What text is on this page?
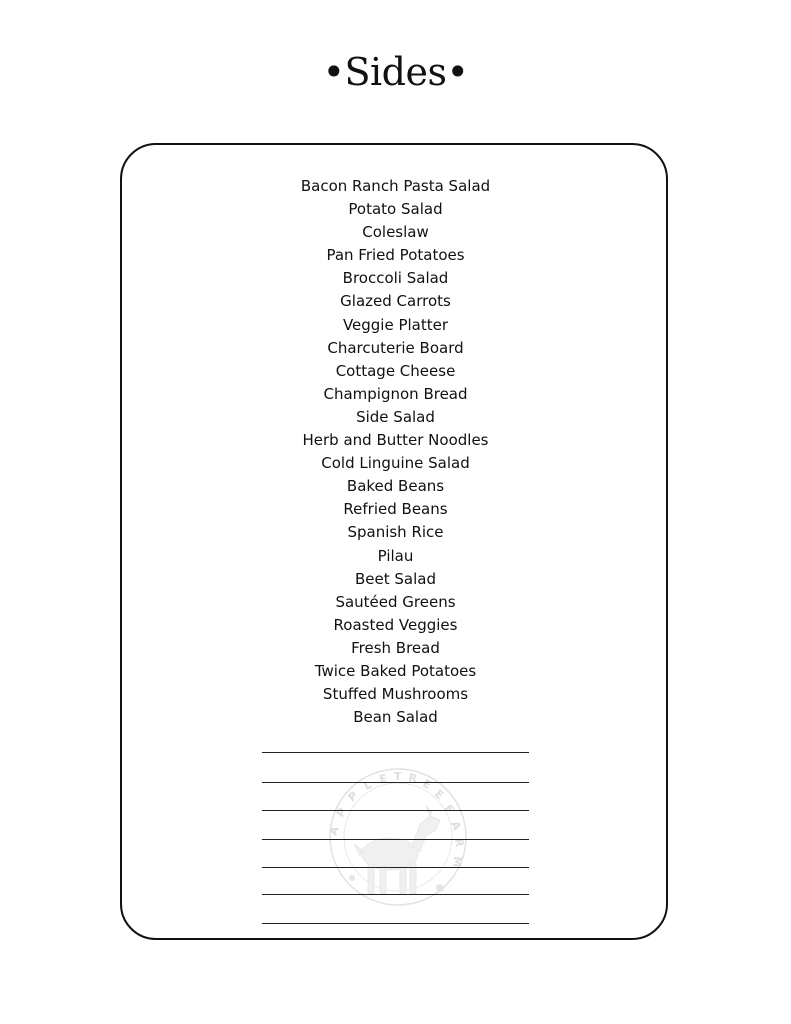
•Sides•
Bacon Ranch Pasta Salad
Potato Salad
Coleslaw
Pan Fried Potatoes
Broccoli Salad
Glazed Carrots
Veggie Platter
Charcuterie Board
Cottage Cheese
Champignon Bread
Side Salad
Herb and Butter Noodles
Cold Linguine Salad
Baked Beans
Refried Beans
Spanish Rice
Pilau
Beet Salad
Sautéed Greens
Roasted Veggies
Fresh Bread
Twice Baked Potatoes
Stuffed Mushrooms
Bean Salad
A
P
P
L E T R E
E
F
A
R
M
